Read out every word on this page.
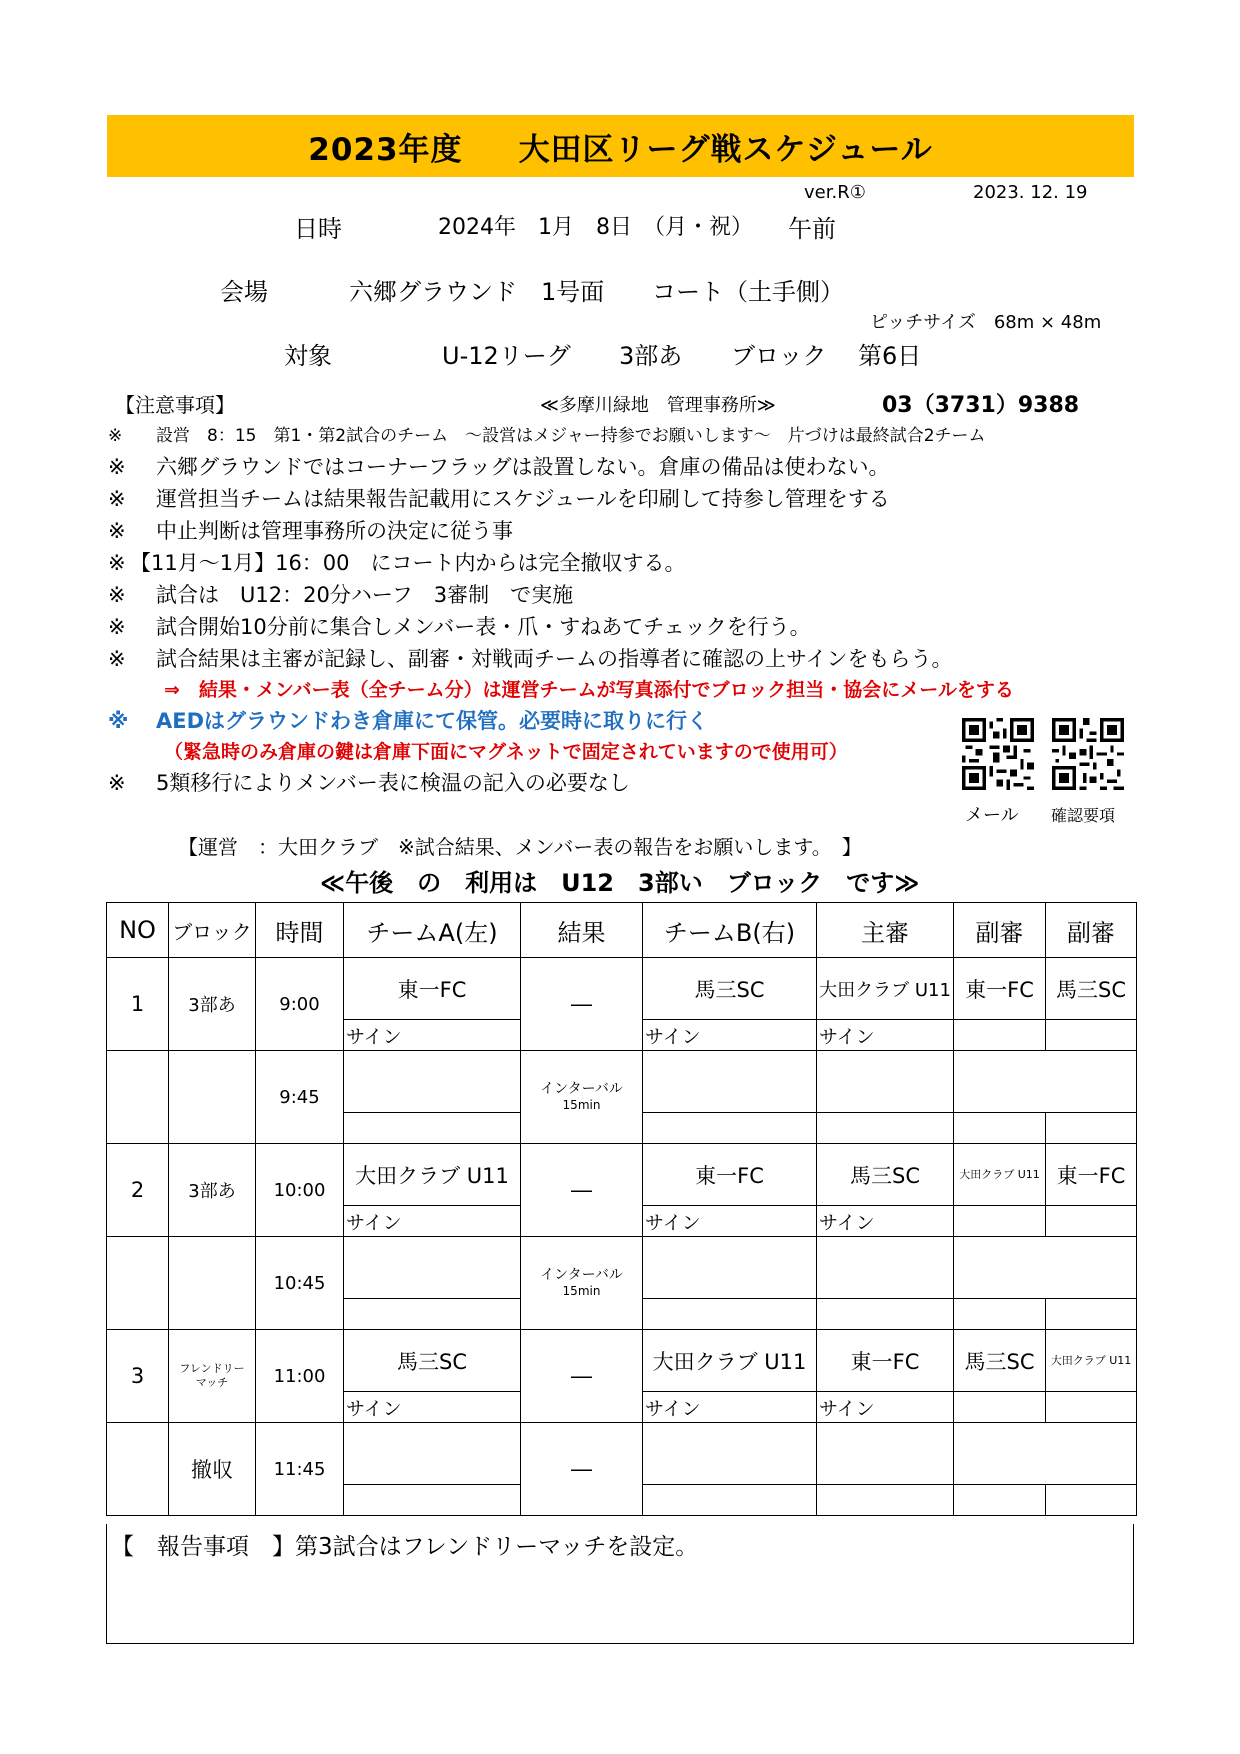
2023年度 大田区リーグ戦スケジュール
ver.R①	2023. 12. 19
日時	2024年　1月　8日　（月・祝） 午前
会場	六郷グラウンド　1号面 コート（土手側）
ピッチサイズ　68m × 48m
対象	U-12リーグ 3部あ ブロック 第6日
【注意事項】	≪多摩川緑地　管理事務所≫	03（3731）9388
※ 設営　8：15　第1・第2試合のチーム　～設営はメジャー持参でお願いします～　片づけは最終試合2チーム
※ 六郷グラウンドではコーナーフラッグは設置しない。倉庫の備品は使わない。
※ 運営担当チームは結果報告記載用にスケジュールを印刷して持参し管理をする
※ 中止判断は管理事務所の決定に従う事
※ 【11月～1月】16：00　にコート内からは完全撤収する。
※ 試合は　U12：20分ハーフ　3審制　で実施
※ 試合開始10分前に集合しメンバー表・爪・すねあてチェックを行う。
※ 試合結果は主審が記録し、副審・対戦両チームの指導者に確認の上サインをもらう。
⇒　結果・メンバー表（全チーム分）は運営チームが写真添付でブロック担当・協会にメールをする
※ AEDはグラウンドわき倉庫にて保管。必要時に取りに行く
（緊急時のみ倉庫の鍵は倉庫下面にマグネットで固定されていますので使用可）
※ 5類移行によりメンバー表に検温の記入の必要なし
メール 確認要項
【運営　：大田クラブ　※試合結果、メンバー表の報告をお願いします。　】
≪午後　の　利用は　U12　3部い　ブロック　です≫
NO	ブロック	時間	チームA(左)	結果	チームB(右)	主審	副審	副審
1	3部あ	9:00	東一FC	―	馬三SC	大田クラブ U11	東一FC	馬三SC
			サイン		サイン	サイン		
		9:45		インターバル
15min				

2	3部あ	10:00	大田クラブ U11	―	東一FC	馬三SC	大田クラブ U11	東一FC
			サイン		サイン	サイン		
		10:45		インターバル
15min				

3	フレンドリーマッチ	11:00	馬三SC	―	大田クラブ U11	東一FC	馬三SC	大田クラブ U11
			サイン		サイン	サイン		
	撤収	11:45		―				

【　報告事項　】第3試合はフレンドリーマッチを設定。
